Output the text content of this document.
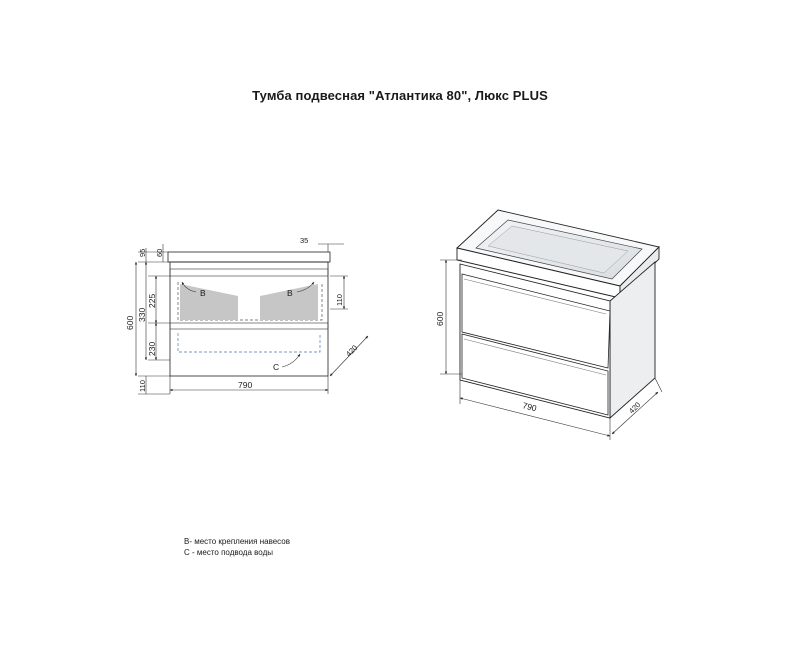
Тумба подвесная "Атлантика 80", Люкс PLUS
B	B
C
95
600
330
225
230
110
60
35
110
790
420
600
790	420
В- место крепления навесов
С - место подвода воды
